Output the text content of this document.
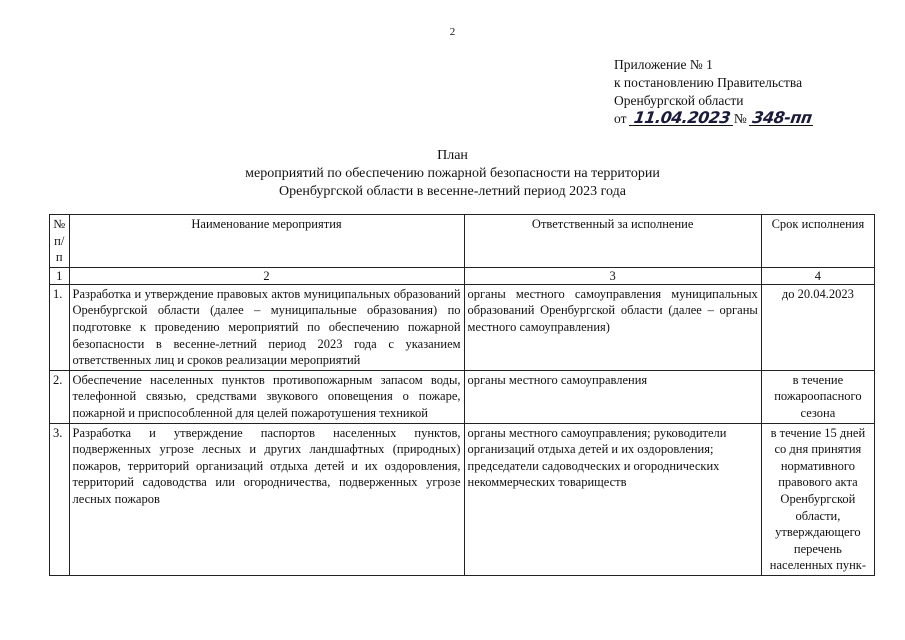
2
Приложение № 1
к постановлению Правительства
Оренбургской области
от 11.04.2023 № 348-пп
План
мероприятий по обеспечению пожарной безопасности на территории
Оренбургской области в весенне-летний период 2023 года
№ п/п	Наименование мероприятия	Ответственный за исполнение	Срок исполнения
1	2	3	4
1.	Разработка и утверждение правовых актов муниципальных образований Оренбургской области (далее – муниципальные образования) по подготовке к проведению мероприятий по обеспечению пожарной безопасности в весенне-летний период 2023 года с указанием ответственных лиц и сроков реализации мероприятий	органы местного самоуправления муниципальных образований Оренбургской области (далее – органы местного самоуправления)	до 20.04.2023
2.	Обеспечение населенных пунктов противопожарным запасом воды, телефонной связью, средствами звукового оповещения о пожаре, пожарной и приспособленной для целей пожаротушения техникой	органы местного самоуправления	в течение пожароопасного сезона
3.	Разработка и утверждение паспортов населенных пунктов, подверженных угрозе лесных и других ландшафтных (природных) пожаров, территорий организаций отдыха детей и их оздоровления, территорий садоводства или огородничества, подверженных угрозе лесных пожаров	органы местного самоуправления; руководители организаций отдыха детей и их оздоровления; председатели садоводческих и огороднических некоммерческих товариществ	в течение 15 дней со дня принятия нормативного правового акта Оренбургской области, утверждающего перечень населенных пунк-
